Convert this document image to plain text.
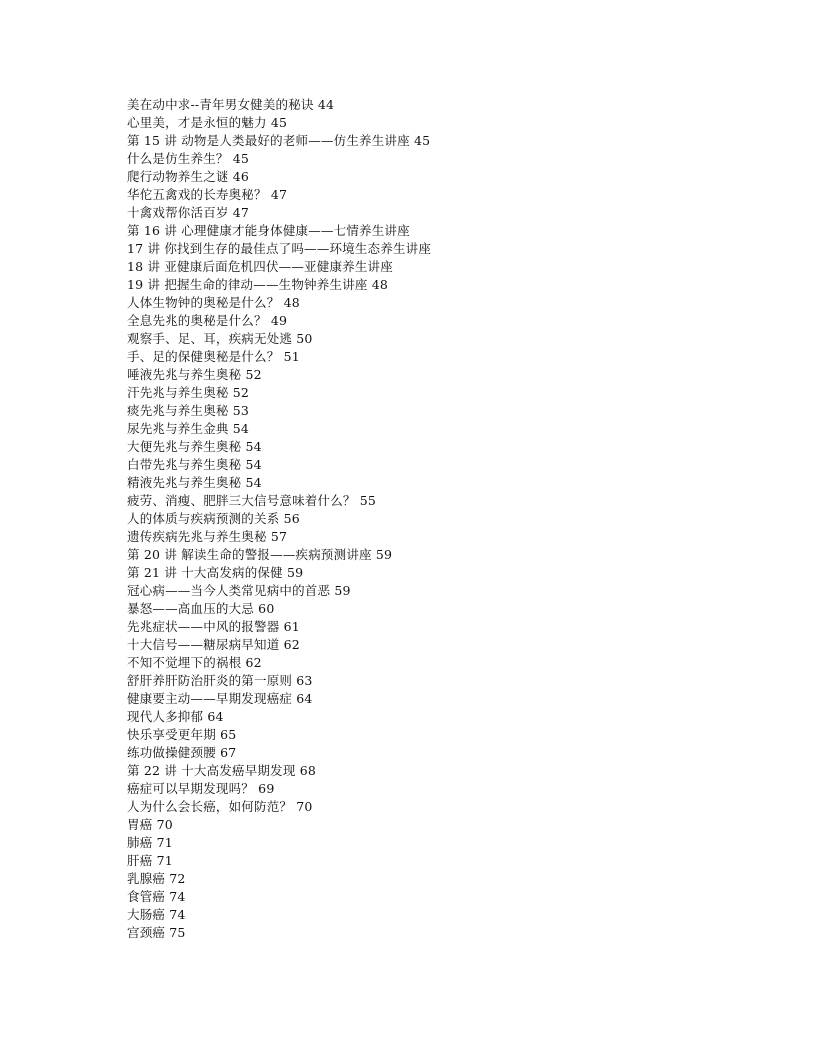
美在动中求--青年男女健美的秘诀 44
心里美，才是永恒的魅力 45
第 15 讲 动物是人类最好的老师——仿生养生讲座 45
什么是仿生养生？ 45
爬行动物养生之谜 46
华佗五禽戏的长寿奥秘？ 47
十禽戏帮你活百岁 47
第 16 讲 心理健康才能身体健康——七情养生讲座
17 讲 你找到生存的最佳点了吗——环境生态养生讲座
18 讲 亚健康后面危机四伏——亚健康养生讲座
19 讲 把握生命的律动——生物钟养生讲座 48
人体生物钟的奥秘是什么？ 48
全息先兆的奥秘是什么？ 49
观察手、足、耳，疾病无处逃 50
手、足的保健奥秘是什么？ 51
唾液先兆与养生奥秘 52
汗先兆与养生奥秘 52
痰先兆与养生奥秘 53
尿先兆与养生金典 54
大便先兆与养生奥秘 54
白带先兆与养生奥秘 54
精液先兆与养生奥秘 54
疲劳、消瘦、肥胖三大信号意味着什么？ 55
人的体质与疾病预测的关系 56
遗传疾病先兆与养生奥秘 57
第 20 讲 解读生命的警报——疾病预测讲座 59
第 21 讲 十大高发病的保健 59
冠心病——当今人类常见病中的首恶 59
暴怒——高血压的大忌 60
先兆症状——中风的报警器 61
十大信号——糖尿病早知道 62
不知不觉埋下的祸根 62
舒肝养肝防治肝炎的第一原则 63
健康要主动——早期发现癌症 64
现代人多抑郁 64
快乐享受更年期 65
练功做操健颈腰 67
第 22 讲 十大高发癌早期发现 68
癌症可以早期发现吗？ 69
人为什么会长癌，如何防范？ 70
胃癌 70
肺癌 71
肝癌 71
乳腺癌 72
食管癌 74
大肠癌 74
宫颈癌 75
